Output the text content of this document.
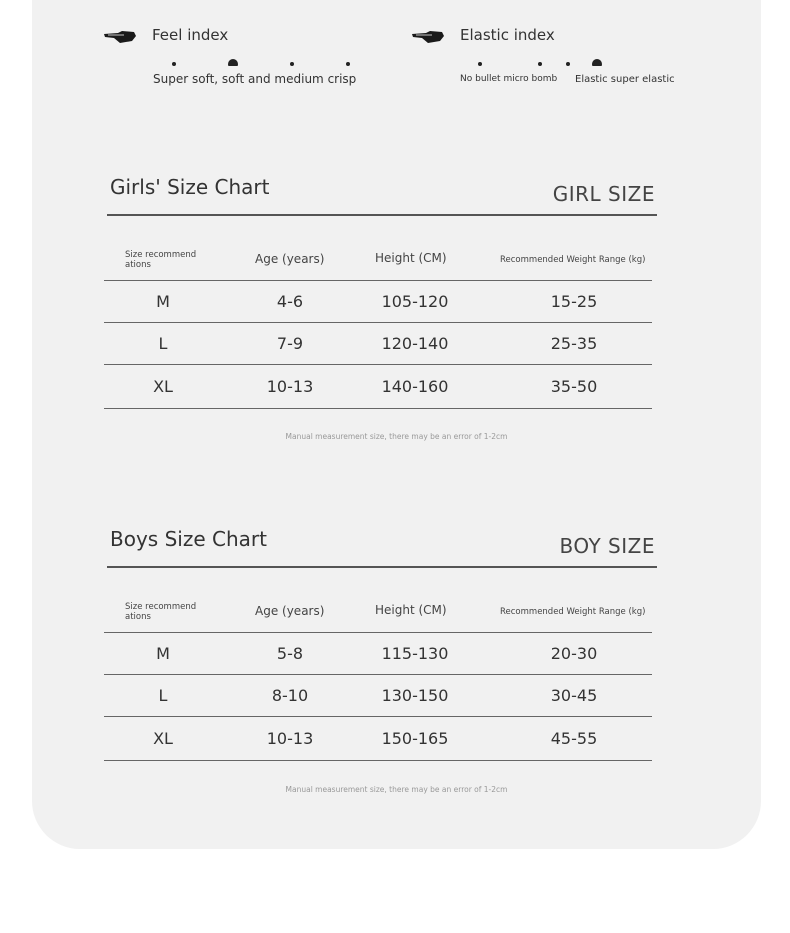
Feel index
Super soft, soft and medium crisp
Elastic index
No bullet micro bomb Elastic super elastic
Girls' Size Chart	GIRL SIZE
Size recommend ations	Age (years)	Height (CM)	Recommended Weight Range (kg)
M	4-6	105-120	15-25
L	7-9	120-140	25-35
XL	10-13	140-160	35-50
Manual measurement size, there may be an error of 1-2cm
Boys Size Chart	BOY SIZE
Size recommend ations	Age (years)	Height (CM)	Recommended Weight Range (kg)
M	5-8	115-130	20-30
L	8-10	130-150	30-45
XL	10-13	150-165	45-55
Manual measurement size, there may be an error of 1-2cm
